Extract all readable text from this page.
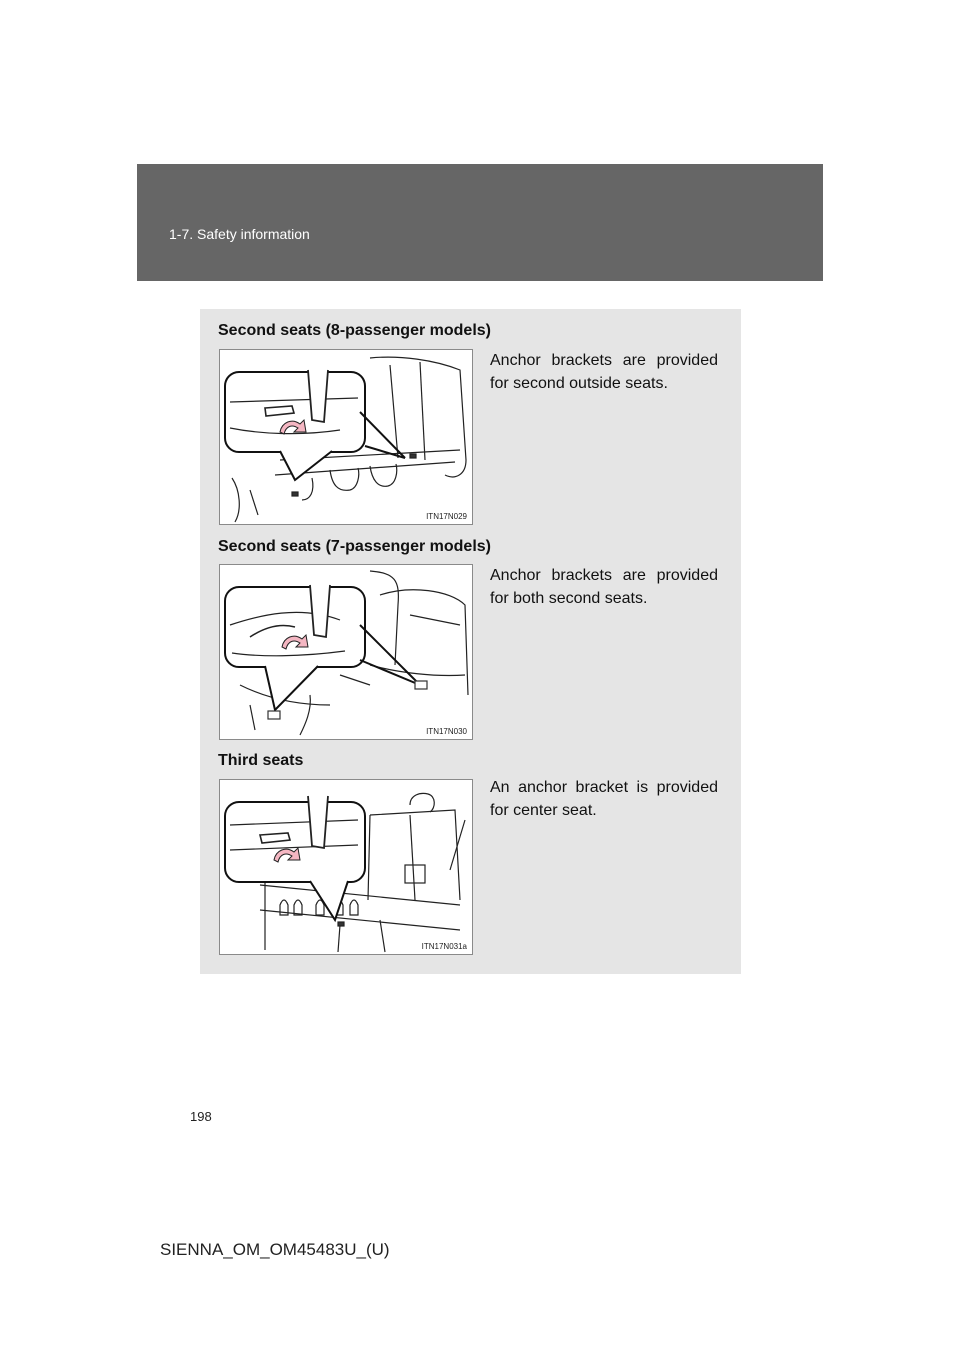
1-7. Safety information
Second seats (8-passenger models)
ITN17N029
Anchor brackets are provided for second outside seats.
Second seats (7-passenger models)
ITN17N030
Anchor brackets are provided for both second seats.
Third seats
ITN17N031a
An anchor bracket is provided for center seat.
198
SIENNA_OM_OM45483U_(U)
